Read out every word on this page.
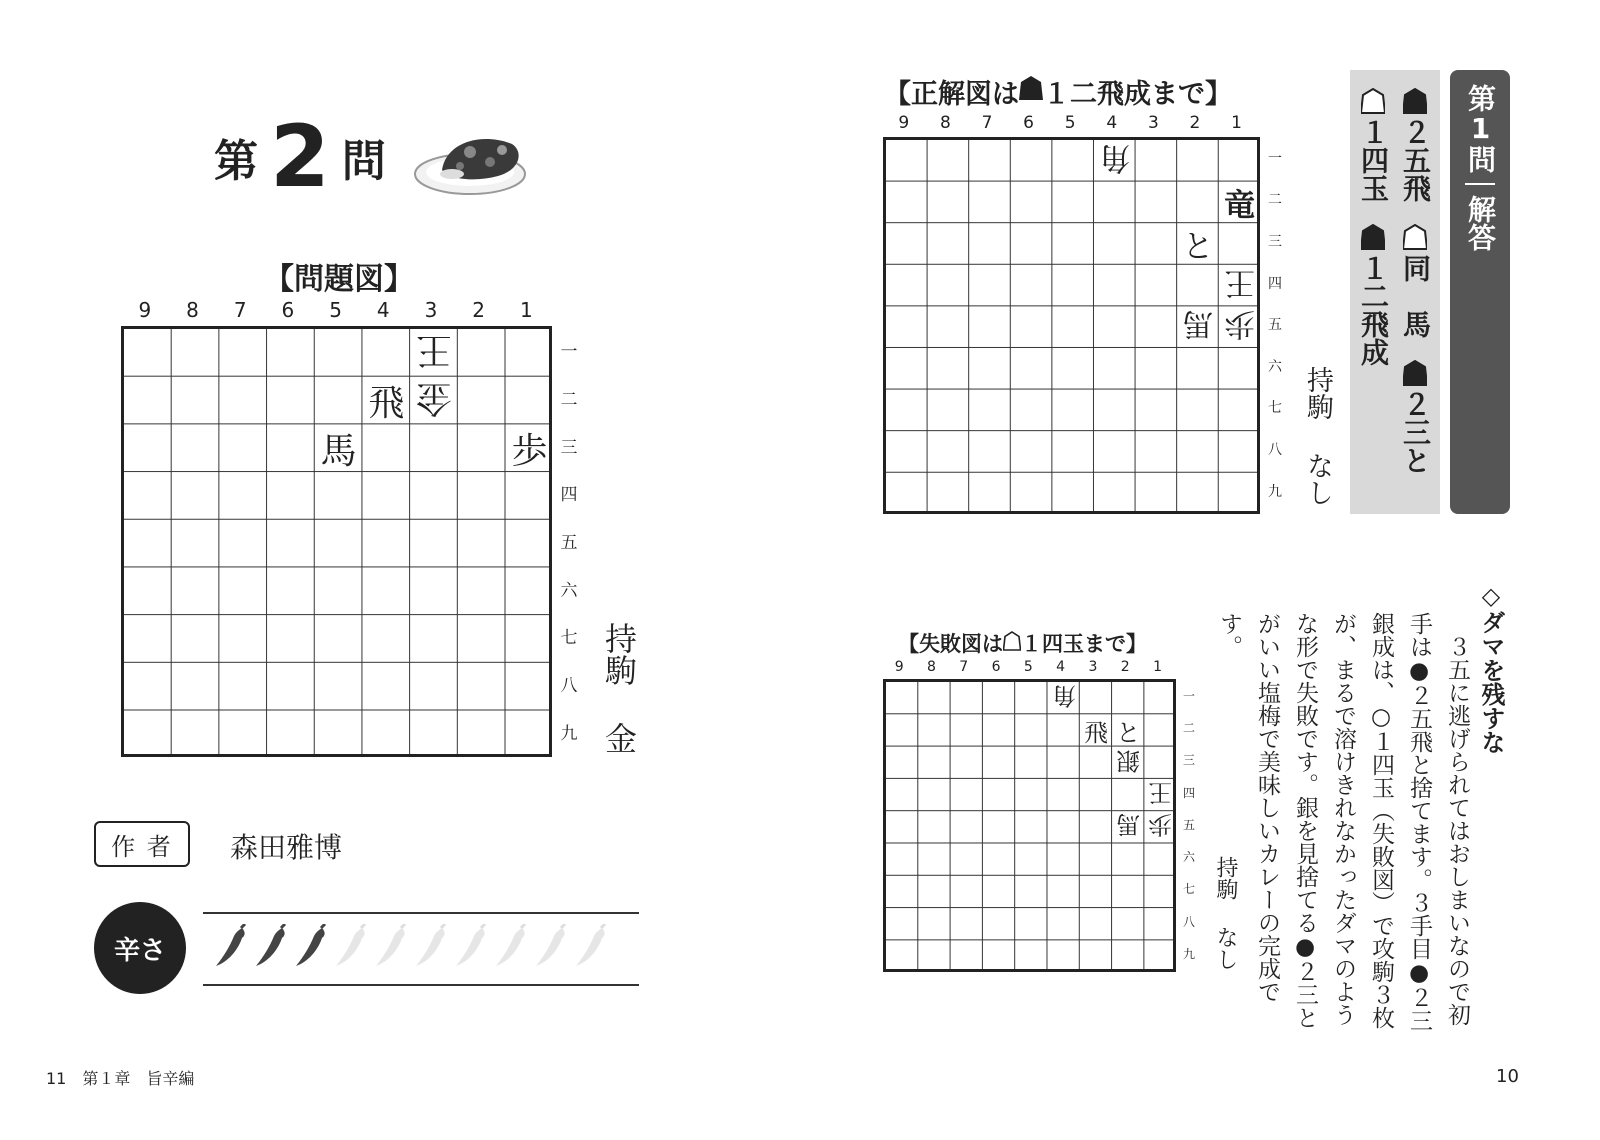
第 2 問
【問題図】
9	8	7	6	5	4	3	2	1
王
飛 金
馬	歩
一
二
三
四
五
六
七
八
九
持駒
金
作 者 森田雅博
辛さ
11　第１章　旨辛編
【正解図は １二飛成まで】
9	8	7	6	5	4	3	2	1
角
竜
と
王
歩
馬
一
二
三
四
五
六
七
八
九
持駒
なし
【失敗図は １四玉まで】
9	8	7	6	5	4	3	2	1
角
飛 と
銀
王
歩
馬
一
二
三
四
五
六
七
八
九
持駒
なし
第1問
解答
２五飛
同　馬
２三と
１四玉
１二飛成
◇ダマを残すな
　３五に逃げられてはおしまいなので初手は●２五飛と捨てます。３手目●２三銀成は、○１四玉（失敗図）で攻駒３枚が、まるで溶けきれなかったダマのような形で失敗です。銀を見捨てる●２三とがいい塩梅で美味しいカレーの完成です。
10
